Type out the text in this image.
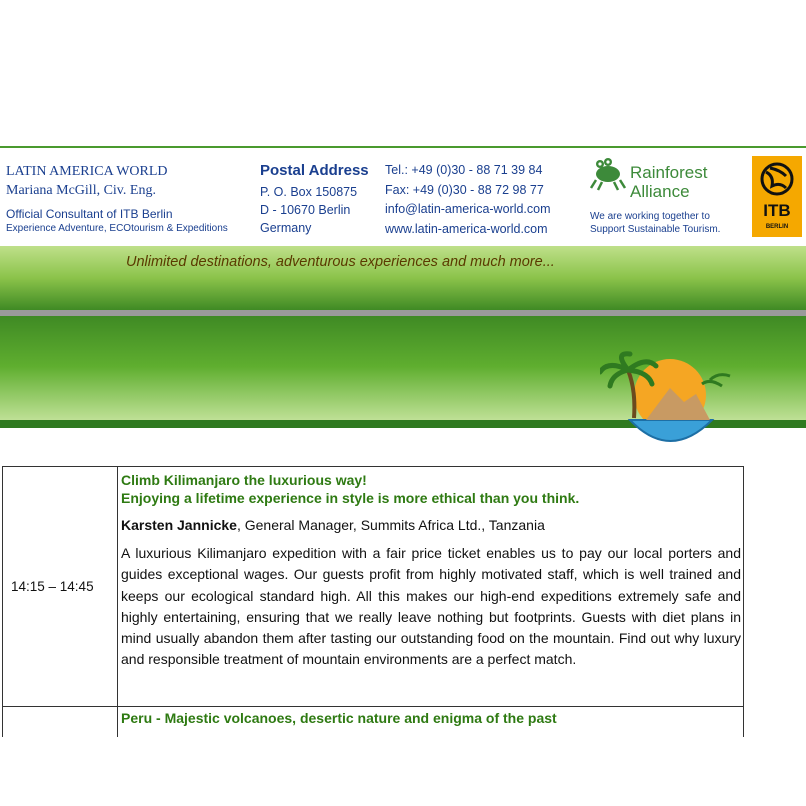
LATIN AMERICA WORLD
Mariana McGill, Civ. Eng.
Official Consultant of ITB Berlin
Experience Adventure, ECOtourism & Expeditions
Postal Address
P. O. Box 150875
D - 10670 Berlin
Germany
Tel.: +49 (0)30 - 88 71 39 84
Fax: +49 (0)30 - 88 72 98 77
info@latin-america-world.com
www.latin-america-world.com
Rainforest
Alliance
We are working together to
Support Sustainable Tourism.
ITB
BERLIN
Unlimited destinations, adventurous experiences and much more...
14:15 – 14:45
Climb Kilimanjaro the luxurious way!
Enjoying a lifetime experience in style is more ethical than you think.
Karsten Jannicke, General Manager, Summits Africa Ltd., Tanzania
A luxurious Kilimanjaro expedition with a fair price ticket enables us to pay our local porters and guides exceptional wages. Our guests profit from highly motivated staff, which is well trained and keeps our ecological standard high. All this makes our high-end expeditions extremely safe and highly entertaining, ensuring that we really leave nothing but footprints. Guests with diet plans in mind usually abandon them after tasting our outstanding food on the mountain. Find out why luxury and responsible treatment of mountain environments are a perfect match.
Peru - Majestic volcanoes, desertic nature and enigma of the past
